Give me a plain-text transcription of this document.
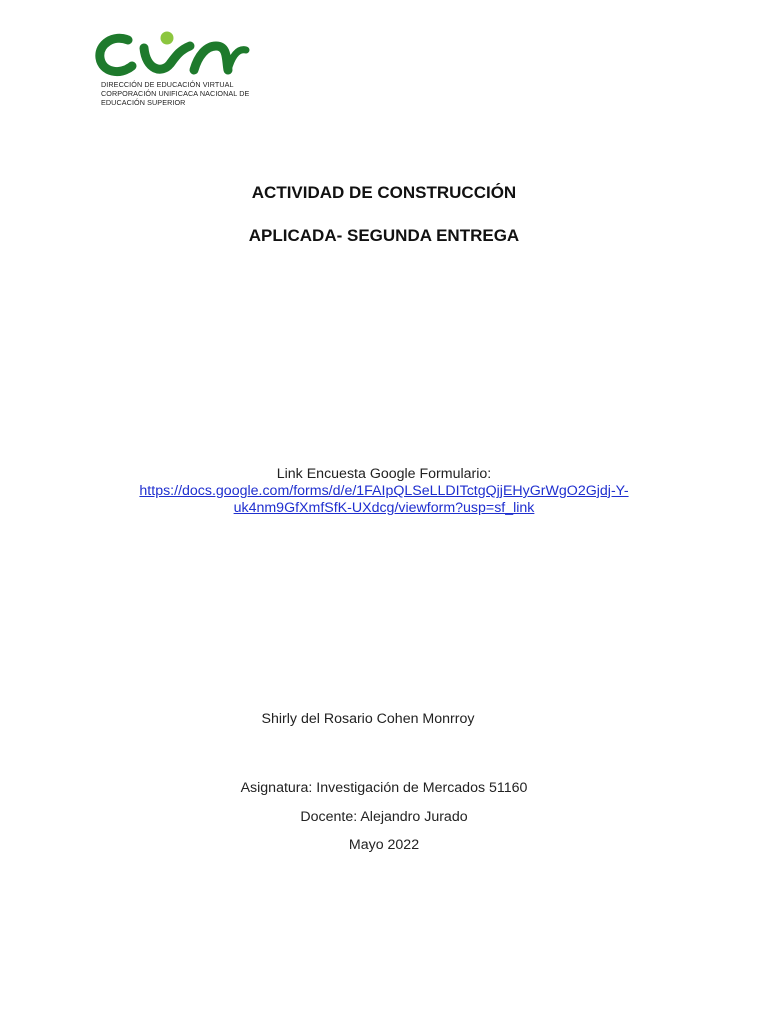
DIRECCIÓN DE EDUCACIÓN VIRTUAL
CORPORACIÓN UNIFICACA NACIONAL DE
EDUCACIÓN SUPERIOR
ACTIVIDAD DE CONSTRUCCIÓN
APLICADA- SEGUNDA ENTREGA
Link Encuesta Google Formulario:
https://docs.google.com/forms/d/e/1FAIpQLSeLLDITctgQjjEHyGrWgO2Gjdj-Y-
uk4nm9GfXmfSfK-UXdcg/viewform?usp=sf_link
Shirly del Rosario Cohen Monrroy
Asignatura: Investigación de Mercados 51160
Docente: Alejandro Jurado
Mayo 2022
